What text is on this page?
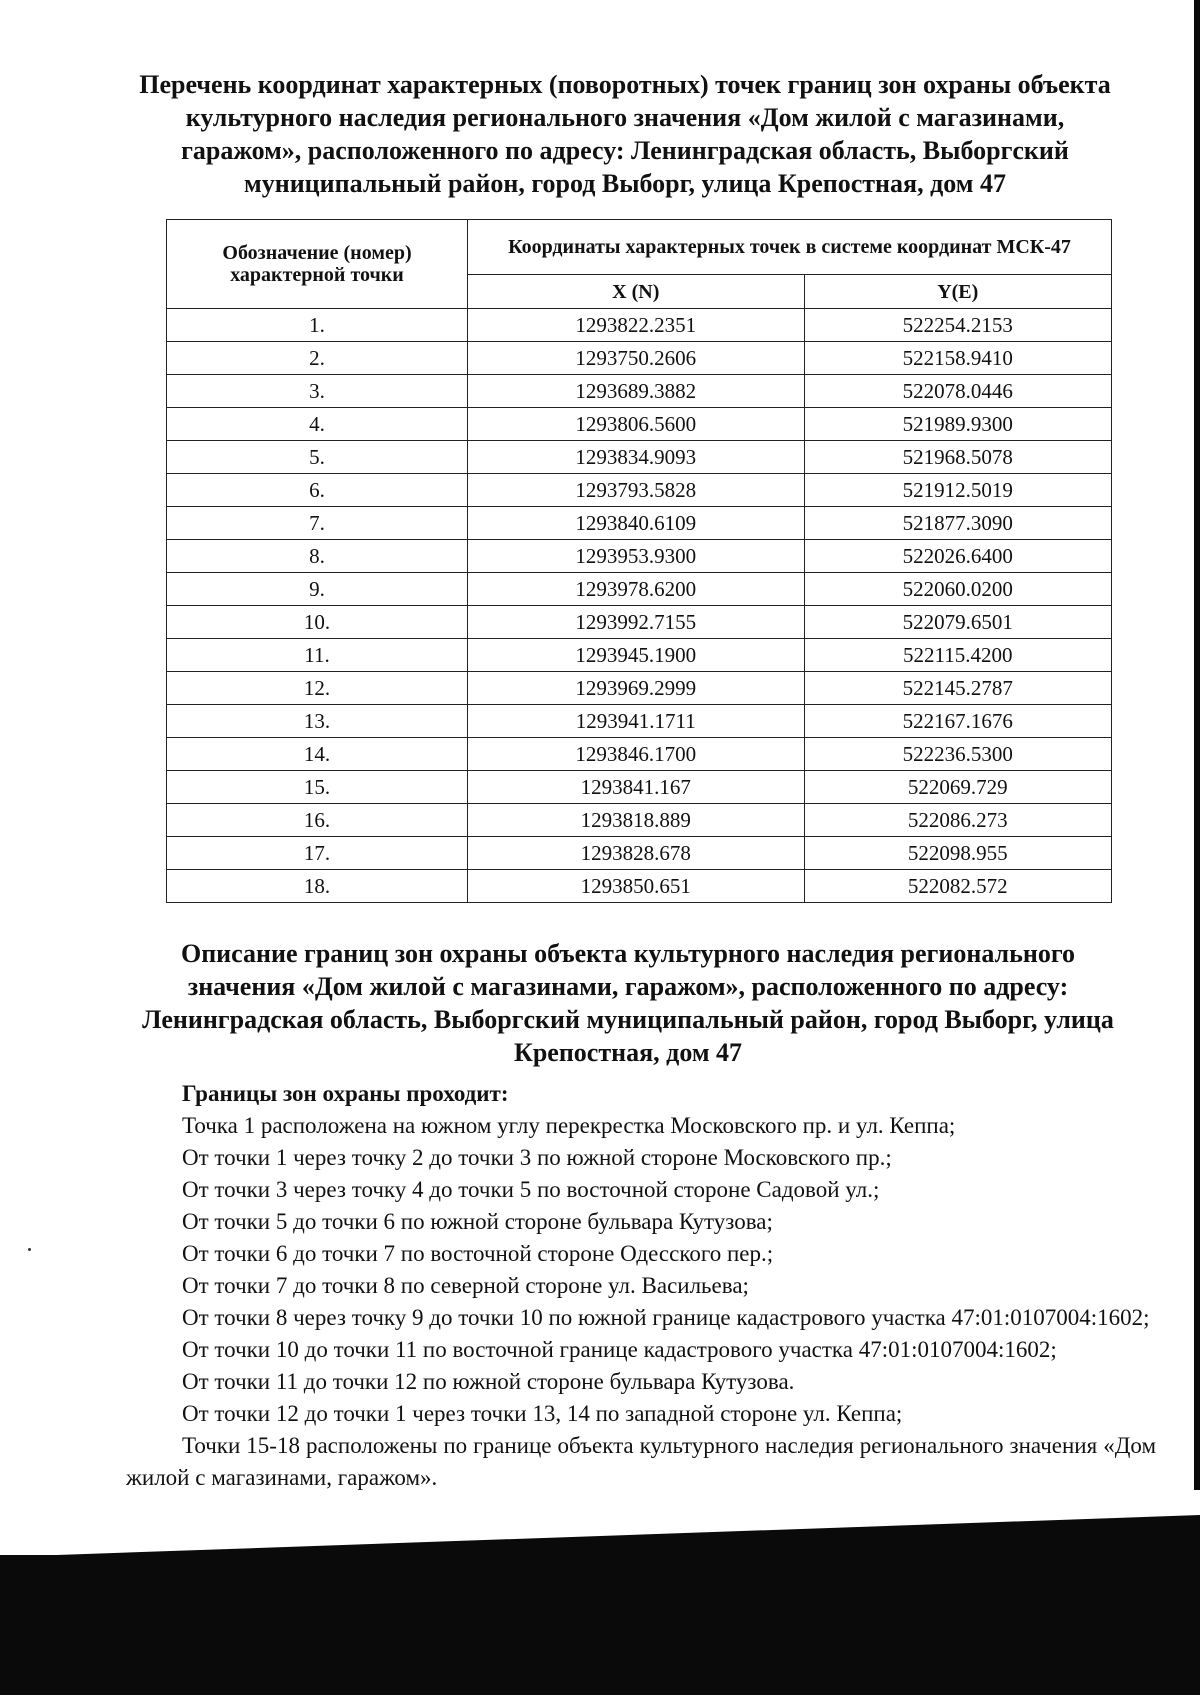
Перечень координат характерных (поворотных) точек границ зон охраны объекта культурного наследия регионального значения «Дом жилой с магазинами, гаражом», расположенного по адресу: Ленинградская область, Выборгский муниципальный район, город Выборг, улица Крепостная, дом 47
Обозначение (номер) характерной точки	Координаты характерных точек в системе координат МСК-47	
	X (N)	Y(E)
1.	1293822.2351	522254.2153
2.	1293750.2606	522158.9410
3.	1293689.3882	522078.0446
4.	1293806.5600	521989.9300
5.	1293834.9093	521968.5078
6.	1293793.5828	521912.5019
7.	1293840.6109	521877.3090
8.	1293953.9300	522026.6400
9.	1293978.6200	522060.0200
10.	1293992.7155	522079.6501
11.	1293945.1900	522115.4200
12.	1293969.2999	522145.2787
13.	1293941.1711	522167.1676
14.	1293846.1700	522236.5300
15.	1293841.167	522069.729
16.	1293818.889	522086.273
17.	1293828.678	522098.955
18.	1293850.651	522082.572
Описание границ зон охраны объекта культурного наследия регионального значения «Дом жилой с магазинами, гаражом», расположенного по адресу: Ленинградская область, Выборгский муниципальный район, город Выборг, улица Крепостная, дом 47

Границы зон охраны проходит:

Точка 1 расположена на южном углу перекрестка Московского пр. и ул. Кеппа;

От точки 1 через точку 2 до точки 3 по южной стороне Московского пр.;

От точки 3 через точку 4 до точки 5 по восточной стороне Садовой ул.;

От точки 5 до точки 6 по южной стороне бульвара Кутузова;

От точки 6 до точки 7 по восточной стороне Одесского пер.;

От точки 7 до точки 8 по северной стороне ул. Васильева;

От точки 8 через точку 9 до точки 10 по южной границе кадастрового участка 47:01:0107004:1602;

От точки 10 до точки 11 по восточной границе кадастрового участка 47:01:0107004:1602;

От точки 11 до точки 12 по южной стороне бульвара Кутузова.

От точки 12 до точки 1 через точки 13, 14 по западной стороне ул. Кеппа;

Точки 15-18 расположены по границе объекта культурного наследия регионального значения «Дом жилой с магазинами, гаражом».
